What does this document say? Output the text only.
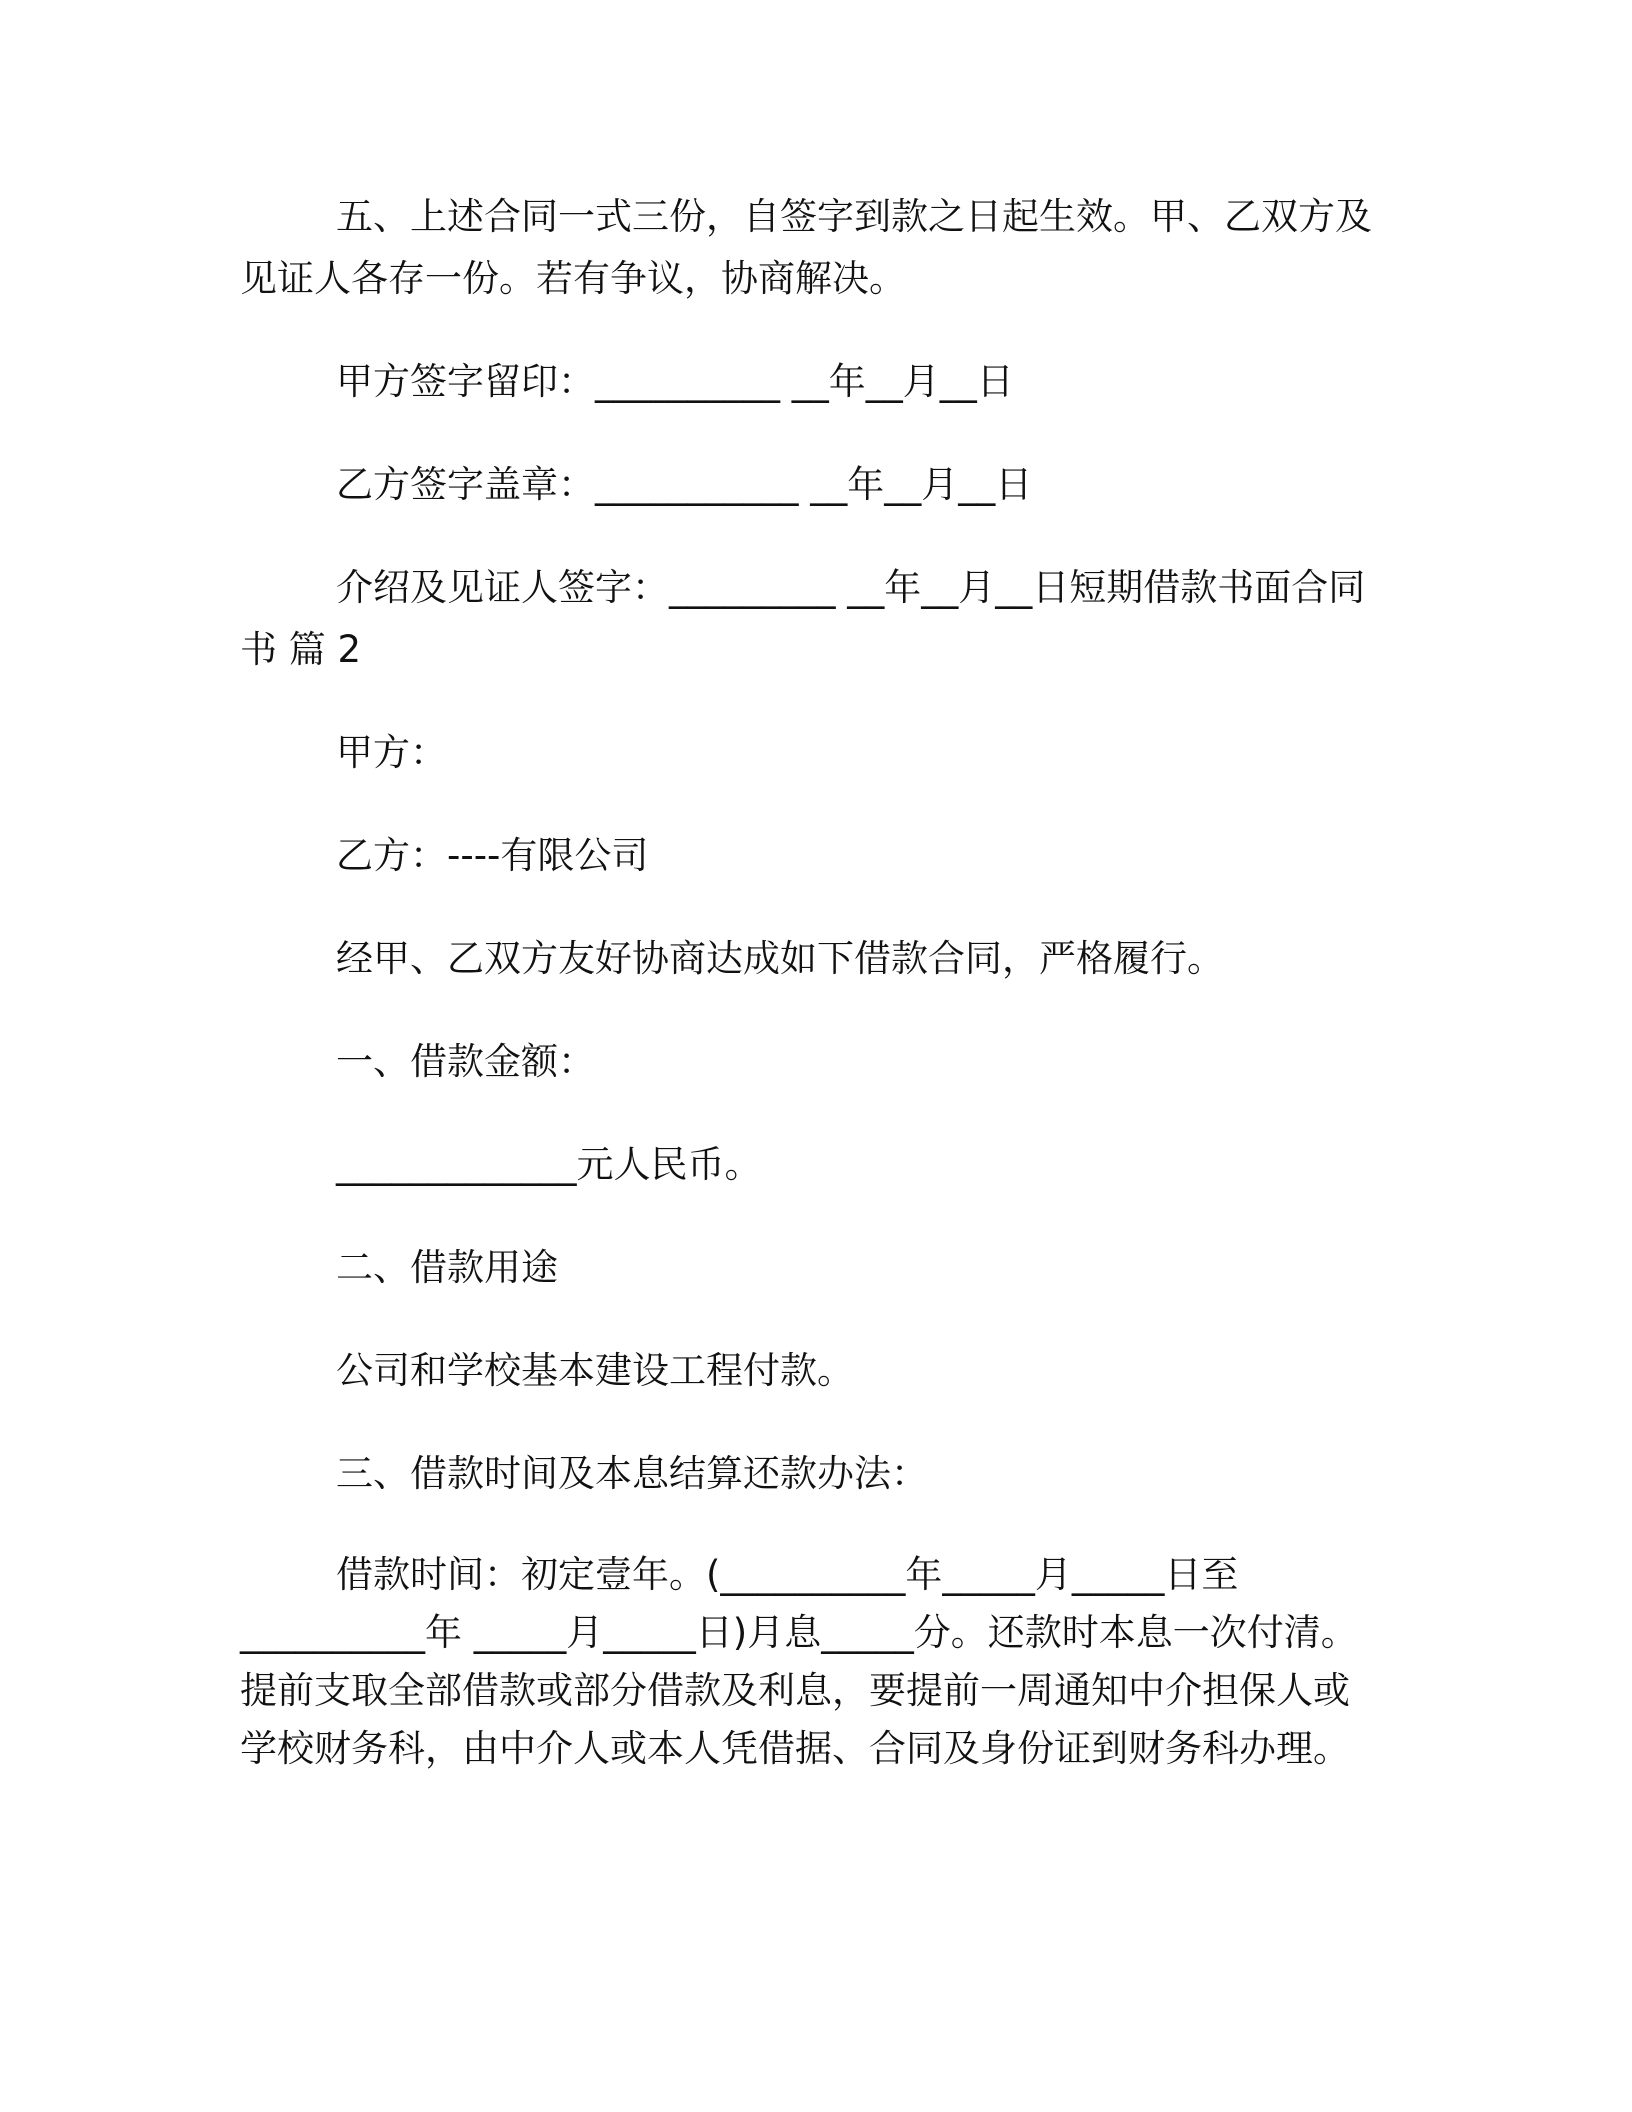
五、上述合同一式三份，自签字到款之日起生效。甲、乙双方及
见证人各存一份。若有争议，协商解决。
甲方签字留印：__________ __年__月__日
乙方签字盖章：___________ __年__月__日
介绍及见证人签字：_________ __年__月__日短期借款书面合同
书 篇 2
甲方：
乙方：----有限公司
经甲、乙双方友好协商达成如下借款合同，严格履行。
一、借款金额：
_____________元人民币。
二、借款用途
公司和学校基本建设工程付款。
三、借款时间及本息结算还款办法：
借款时间：初定壹年。(__________年_____月_____日至
__________年 _____月_____日)月息_____分。还款时本息一次付清。
提前支取全部借款或部分借款及利息，要提前一周通知中介担保人或
学校财务科，由中介人或本人凭借据、合同及身份证到财务科办理。
